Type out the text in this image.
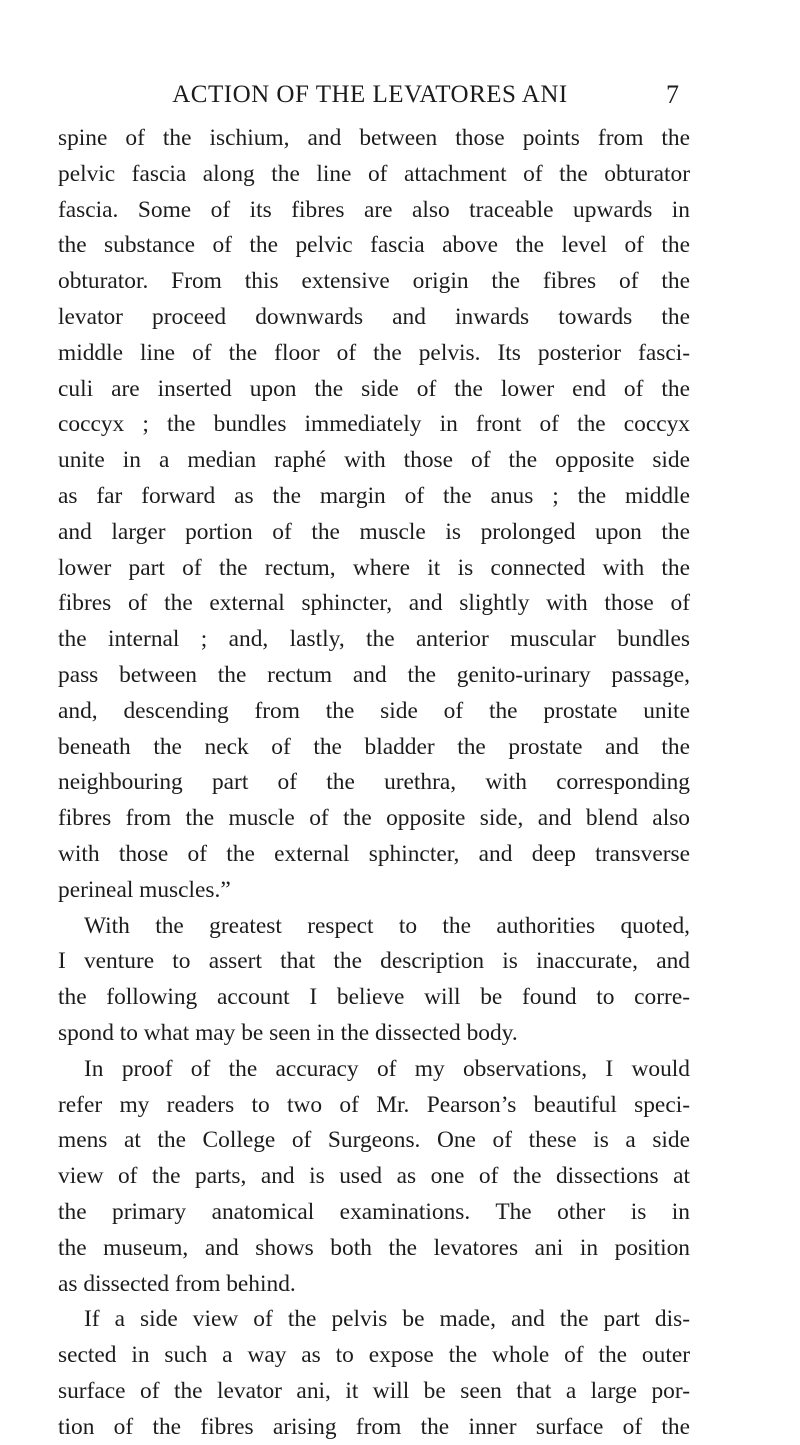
ACTION OF THE LEVATORES ANI	7
spine of the ischium, and between those points from the
pelvic fascia along the line of attachment of the obturator
fascia. Some of its fibres are also traceable upwards in
the substance of the pelvic fascia above the level of the
obturator. From this extensive origin the fibres of the
levator proceed downwards and inwards towards the
middle line of the floor of the pelvis. Its posterior fasci-
culi are inserted upon the side of the lower end of the
coccyx ; the bundles immediately in front of the coccyx
unite in a median raphé with those of the opposite side
as far forward as the margin of the anus ; the middle
and larger portion of the muscle is prolonged upon the
lower part of the rectum, where it is connected with the
fibres of the external sphincter, and slightly with those of
the internal ; and, lastly, the anterior muscular bundles
pass between the rectum and the genito-urinary passage,
and, descending from the side of the prostate unite
beneath the neck of the bladder the prostate and the
neighbouring part of the urethra, with corresponding
fibres from the muscle of the opposite side, and blend also
with those of the external sphincter, and deep transverse
perineal muscles.”
With the greatest respect to the authorities quoted,
I venture to assert that the description is inaccurate, and
the following account I believe will be found to corre-
spond to what may be seen in the dissected body.
In proof of the accuracy of my observations, I would
refer my readers to two of Mr. Pearson’s beautiful speci-
mens at the College of Surgeons. One of these is a side
view of the parts, and is used as one of the dissections at
the primary anatomical examinations. The other is in
the museum, and shows both the levatores ani in position
as dissected from behind.
If a side view of the pelvis be made, and the part dis-
sected in such a way as to expose the whole of the outer
surface of the levator ani, it will be seen that a large por-
tion of the fibres arising from the inner surface of the
